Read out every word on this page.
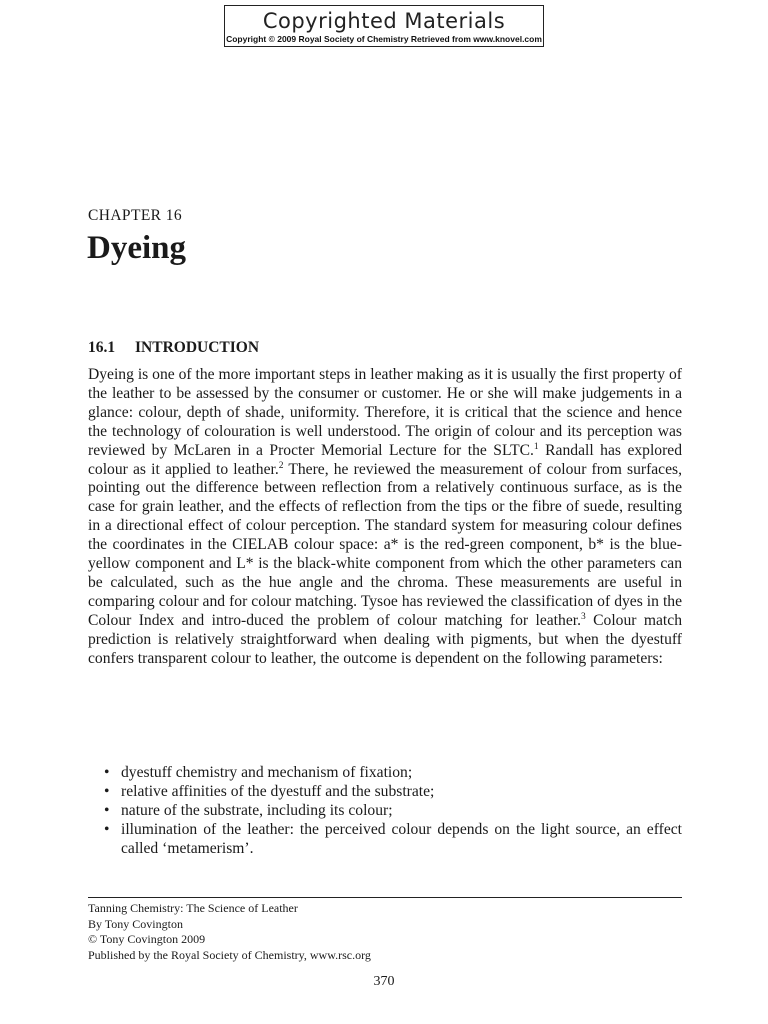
Copyrighted Materials
Copyright © 2009 Royal Society of Chemistry Retrieved from www.knovel.com
CHAPTER 16
Dyeing
16.1 INTRODUCTION

Dyeing is one of the more important steps in leather making as it is usually the first property of the leather to be assessed by the consumer or customer. He or she will make judgements in a glance: colour, depth of shade, uniformity. Therefore, it is critical that the science and hence the technology of colouration is well understood. The origin of colour and its perception was reviewed by McLaren in a Procter Memorial Lecture for the SLTC.$^1$ Randall has explored colour as it applied to leather.$^2$ There, he reviewed the measurement of colour from surfaces, pointing out the difference between reflection from a relatively continuous surface, as is the case for grain leather, and the effects of reflection from the tips or the fibre of suede, resulting in a directional effect of colour perception. The standard system for measuring colour defines the coordinates in the CIELAB colour space: a* is the red-green component, b* is the blue-yellow component and L* is the black-white component from which the other parameters can be calculated, such as the hue angle and the chroma. These measurements are useful in comparing colour and for colour matching. Tysoe has reviewed the classification of dyes in the Colour Index and intro-duced the problem of colour matching for leather.$^3$ Colour match prediction is relatively straightforward when dealing with pigments, but when the dyestuff confers transparent colour to leather, the outcome is dependent on the following parameters:

• dyestuff chemistry and mechanism of fixation;
• relative affinities of the dyestuff and the substrate;
• nature of the substrate, including its colour;
• illumination of the leather: the perceived colour depends on the light source, an effect called ‘metamerism’.
Tanning Chemistry: The Science of Leather
By Tony Covington
© Tony Covington 2009
Published by the Royal Society of Chemistry, www.rsc.org
370
